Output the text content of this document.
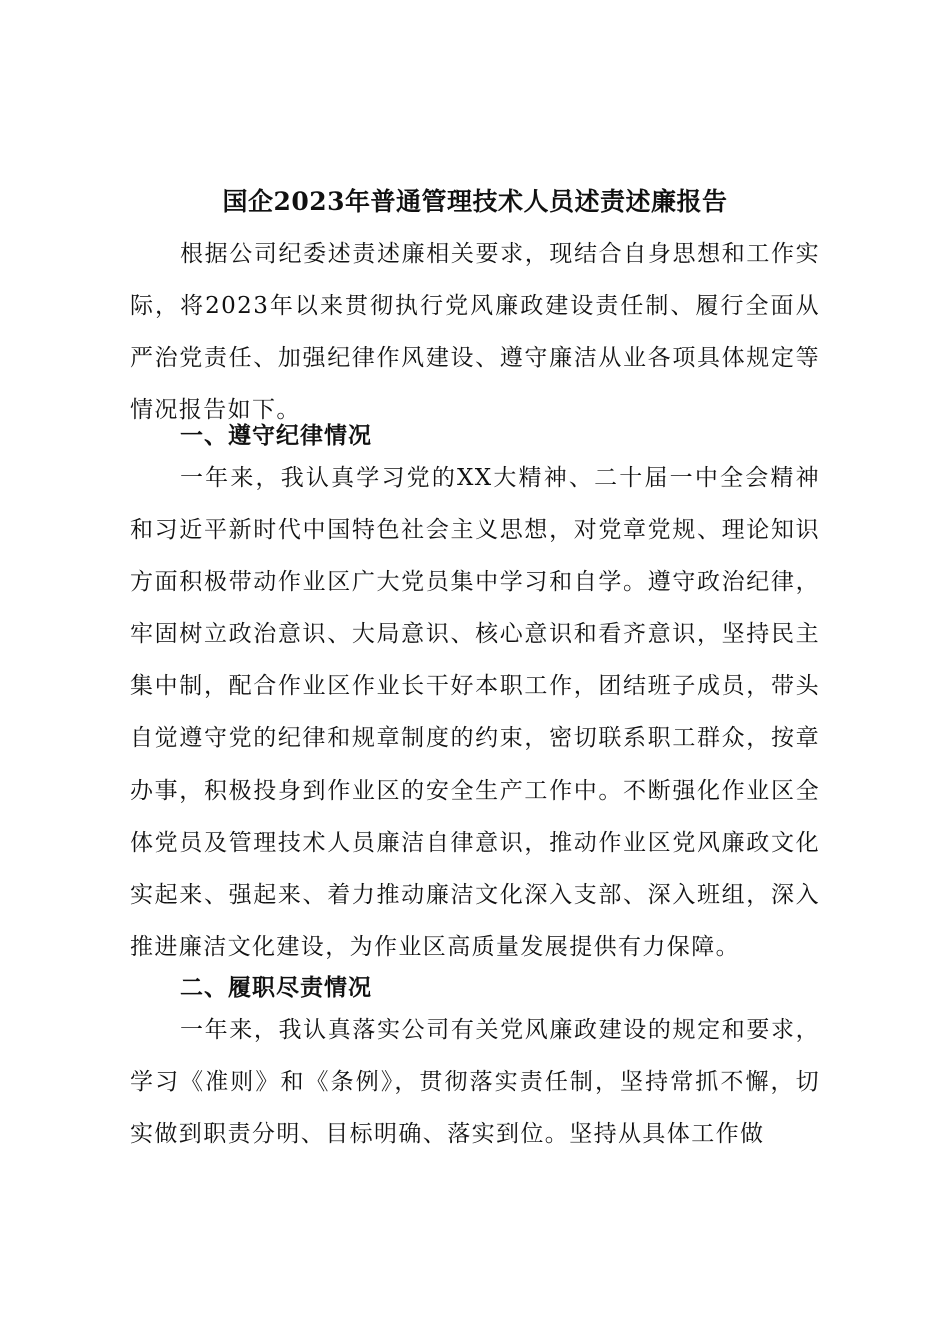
国企2023年普通管理技术人员述责述廉报告

根据公司纪委述责述廉相关要求，现结合自身思想和工作实际，将2023年以来贯彻执行党风廉政建设责任制、履行全面从严治党责任、加强纪律作风建设、遵守廉洁从业各项具体规定等情况报告如下。

一、遵守纪律情况

一年来，我认真学习党的XX大精神、二十届一中全会精神和习近平新时代中国特色社会主义思想，对党章党规、理论知识方面积极带动作业区广大党员集中学习和自学。遵守政治纪律，牢固树立政治意识、大局意识、核心意识和看齐意识，坚持民主集中制，配合作业区作业长干好本职工作，团结班子成员，带头自觉遵守党的纪律和规章制度的约束，密切联系职工群众，按章办事，积极投身到作业区的安全生产工作中。不断强化作业区全体党员及管理技术人员廉洁自律意识，推动作业区党风廉政文化实起来、强起来、着力推动廉洁文化深入支部、深入班组，深入推进廉洁文化建设，为作业区高质量发展提供有力保障。

二、履职尽责情况

一年来，我认真落实公司有关党风廉政建设的规定和要求，学习《准则》和《条例》，贯彻落实责任制，坚持常抓不懈，切实做到职责分明、目标明确、落实到位。坚持从具体工作做
